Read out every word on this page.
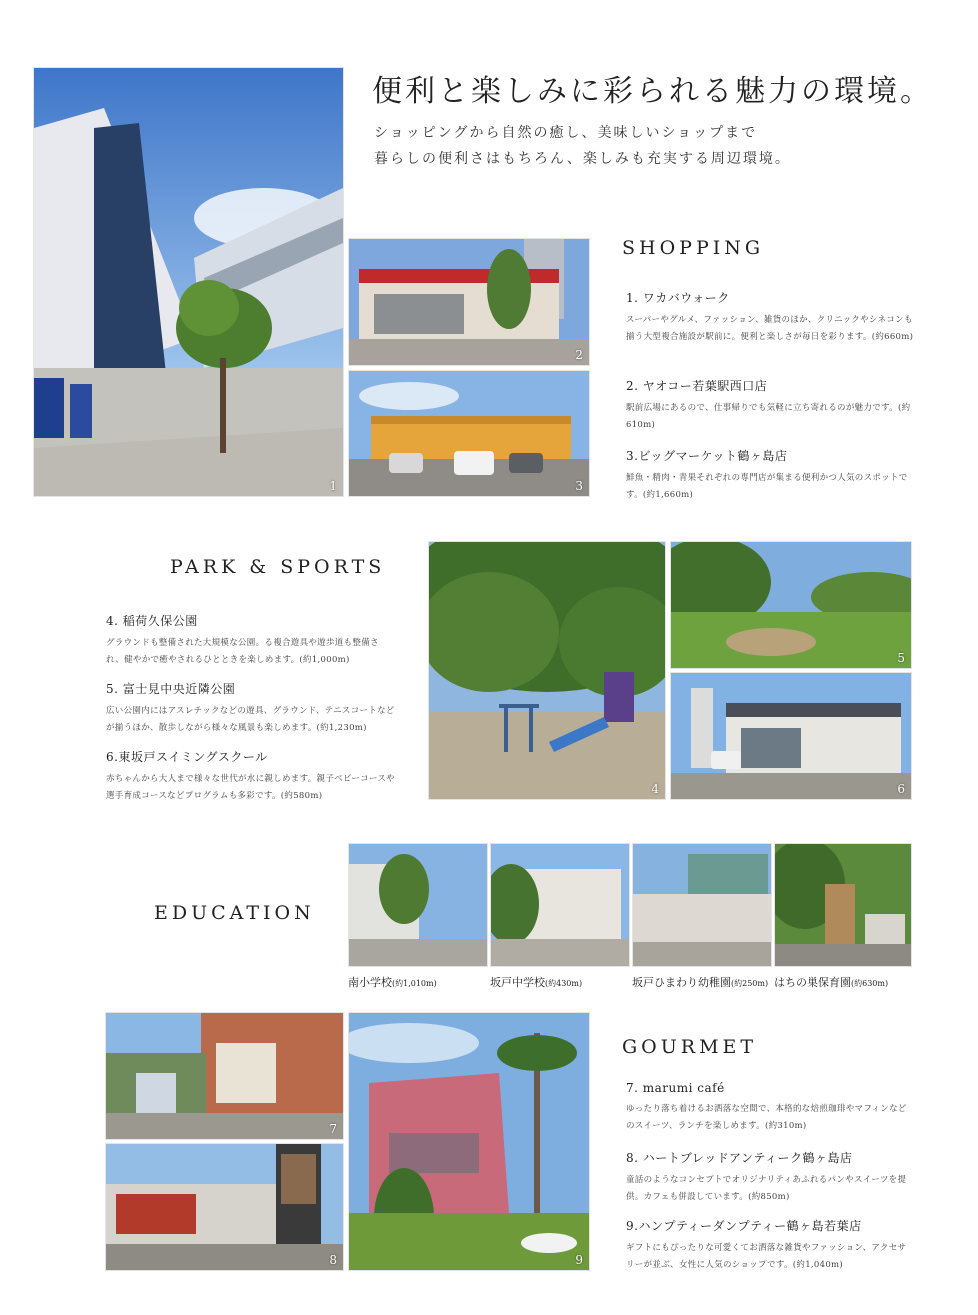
便利と楽しみに彩られる魅力の環境。
ショッピングから自然の癒し、美味しいショップまで
暮らしの便利さはもちろん、楽しみも充実する周辺環境。
1
2
3
SHOPPING
1. ワカバウォーク
スーパーやグルメ、ファッション、雑貨のほか、クリニックやシネコンも揃う大型複合施設が駅前に。便利と楽しさが毎日を彩ります。(約660m)
2. ヤオコー若葉駅西口店
駅前広場にあるので、仕事帰りでも気軽に立ち寄れるのが魅力です。(約610m)
3.ビッグマーケット鶴ヶ島店
鮮魚・精肉・青果それぞれの専門店が集まる便利かつ人気のスポットです。(約1,660m)
PARK & SPORTS
4. 稲荷久保公園
グラウンドも整備された大規模な公園。る複合遊具や遊歩道も整備され、健やかで癒やされるひとときを楽しめます。(約1,000m)
5. 富士見中央近隣公園
広い公園内にはアスレチックなどの遊具、グラウンド、テニスコートなどが揃うほか、散歩しながら様々な風景も楽しめます。(約1,230m)
6.東坂戸スイミングスクール
赤ちゃんから大人まで様々な世代が水に親しめます。親子ベビーコースや選手育成コースなどプログラムも多彩です。(約580m)	4
5
6
EDUCATION
南小学校(約1,010m)	坂戸中学校(約430m)	坂戸ひまわり幼稚園(約250m) はちの巣保育園(約630m)
7
8	9
GOURMET
7. marumi café
ゆったり落ち着けるお洒落な空間で、本格的な焙煎珈琲やマフィンなどのスイーツ、ランチを楽しめます。(約310m)
8. ハートブレッドアンティーク鶴ヶ島店
童話のようなコンセプトでオリジナリティあふれるパンやスイーツを提供。カフェも併設しています。(約850m)
9.ハンプティーダンプティー鶴ヶ島若葉店
ギフトにもぴったりな可愛くてお洒落な雑貨やファッション、アクセサリーが並ぶ、女性に人気のショップです。(約1,040m)
